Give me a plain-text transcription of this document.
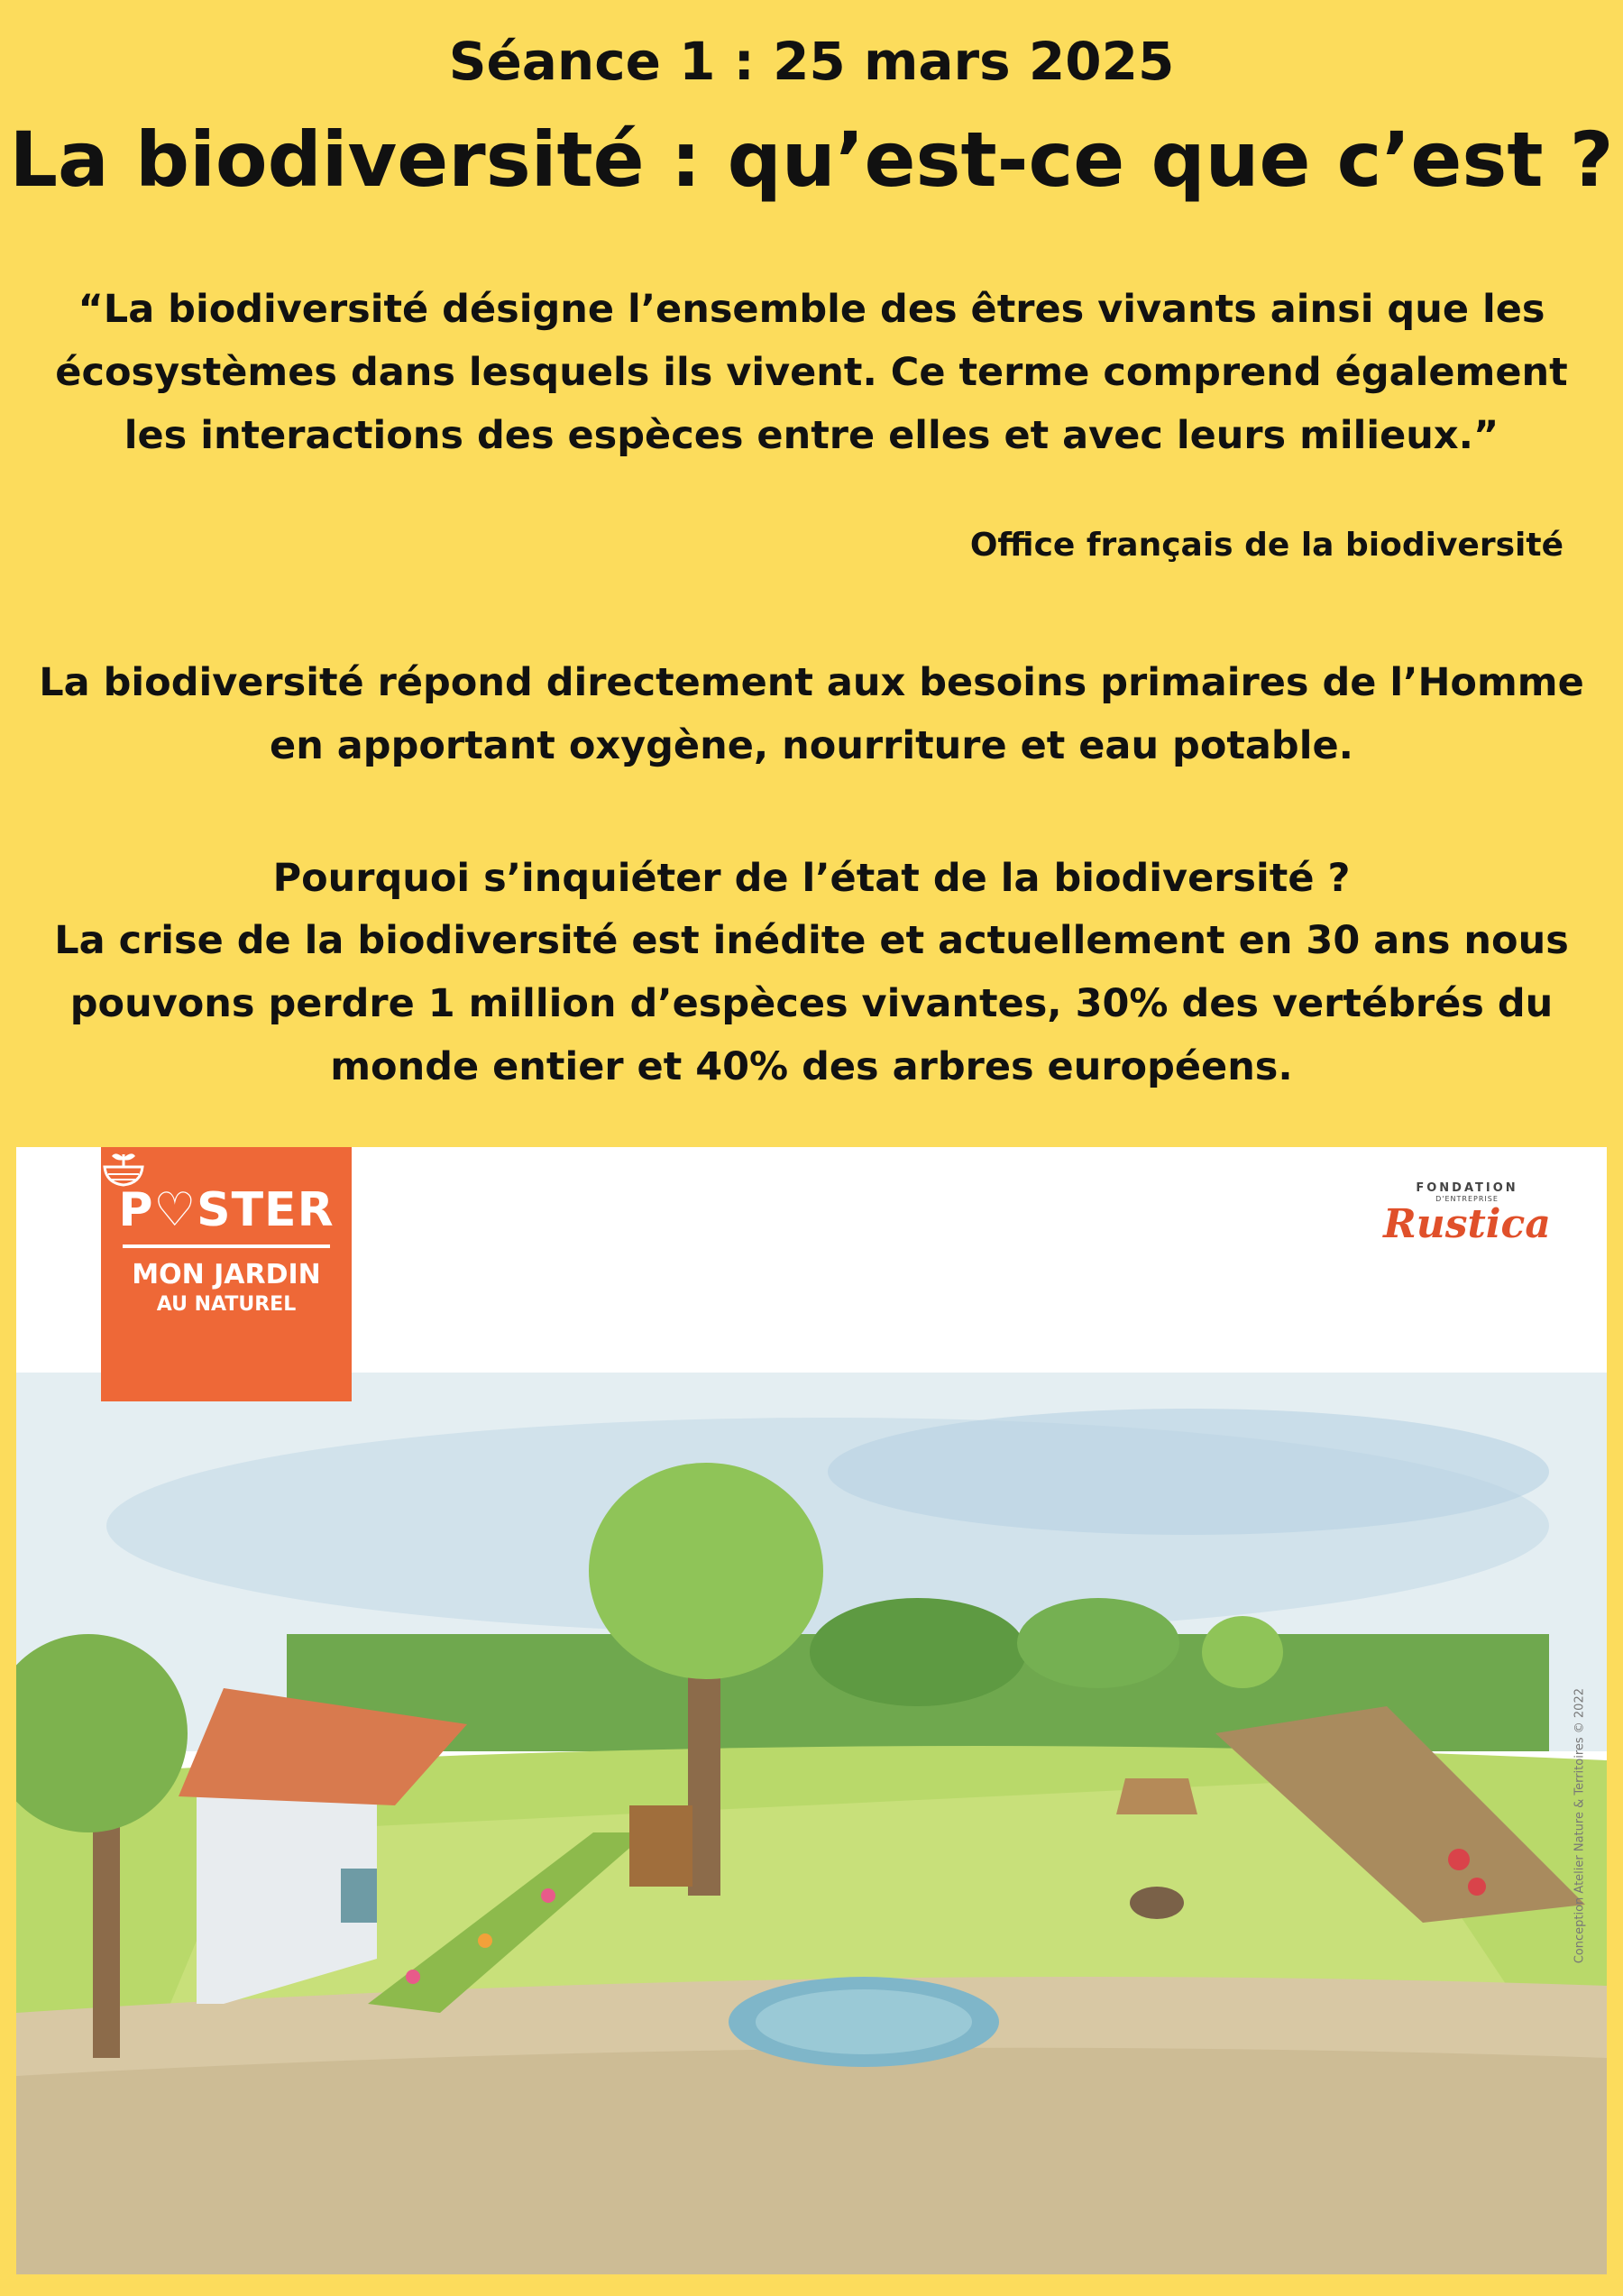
Séance 1 : 25 mars 2025
La biodiversité : qu’est-ce que c’est ?
“La biodiversité désigne l’ensemble des êtres vivants ainsi que les écosystèmes dans lesquels ils vivent. Ce terme comprend également les interactions des espèces entre elles et avec leurs milieux.”
Office français de la biodiversité
La biodiversité répond directement aux besoins primaires de l’Homme en apportant oxygène, nourriture et eau potable.
Pourquoi s’inquiéter de l’état de la biodiversité ?
La crise de la biodiversité est inédite et actuellement en 30 ans nous pouvons perdre 1 million d’espèces vivantes, 30% des vertébrés du monde entier et 40% des arbres européens.
P♡STER
MON JARDIN
AU NATUREL
FONDATION
D'ENTREPRISE
Rustica
Conception Atelier Nature & Territoires © 2022
